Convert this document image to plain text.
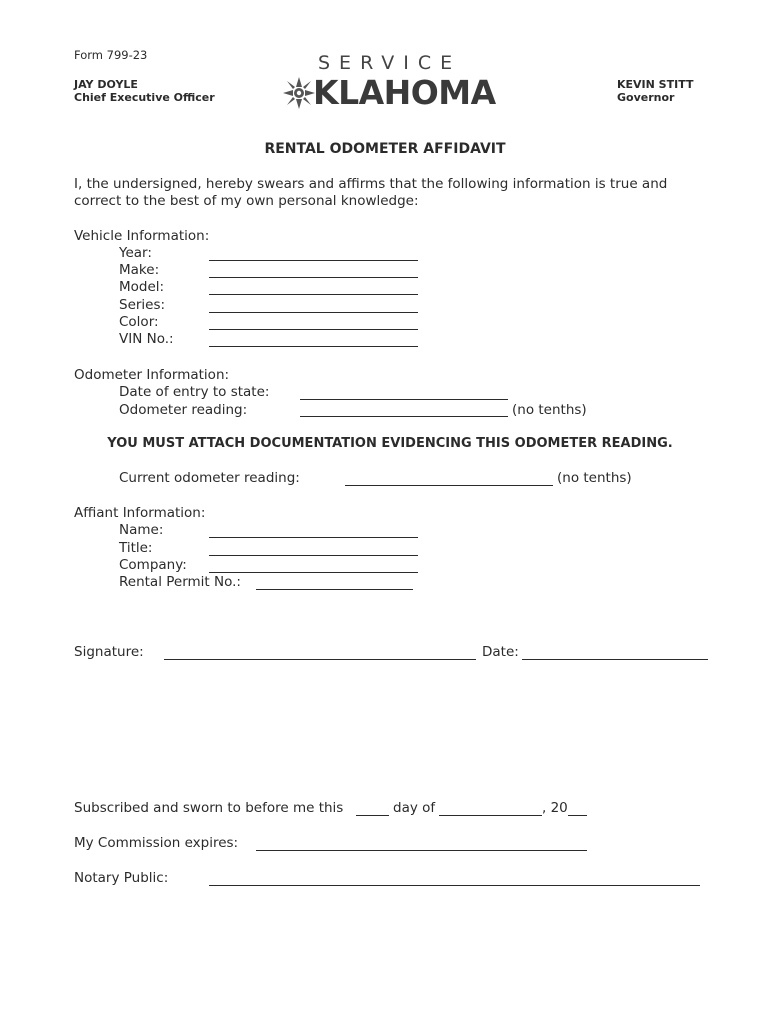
Form 799-23
JAY DOYLE
Chief Executive Officer
KEVIN STITT
Governor
SERVICE
KLAHOMA
RENTAL ODOMETER AFFIDAVIT
I, the undersigned, hereby swears and affirms that the following information is true and
correct to the best of my own personal knowledge:
Vehicle Information:
Year:
Make:
Model:
Series:
Color:
VIN No.:
Odometer Information:
Date of entry to state:
Odometer reading:	(no tenths)
YOU MUST ATTACH DOCUMENTATION EVIDENCING THIS ODOMETER READING.
Current odometer reading:	(no tenths)
Affiant Information:
Name:
Title:
Company:
Rental Permit No.:
Signature:	Date:
Subscribed and sworn to before me this	day of	, 20
My Commission expires:
Notary Public:
